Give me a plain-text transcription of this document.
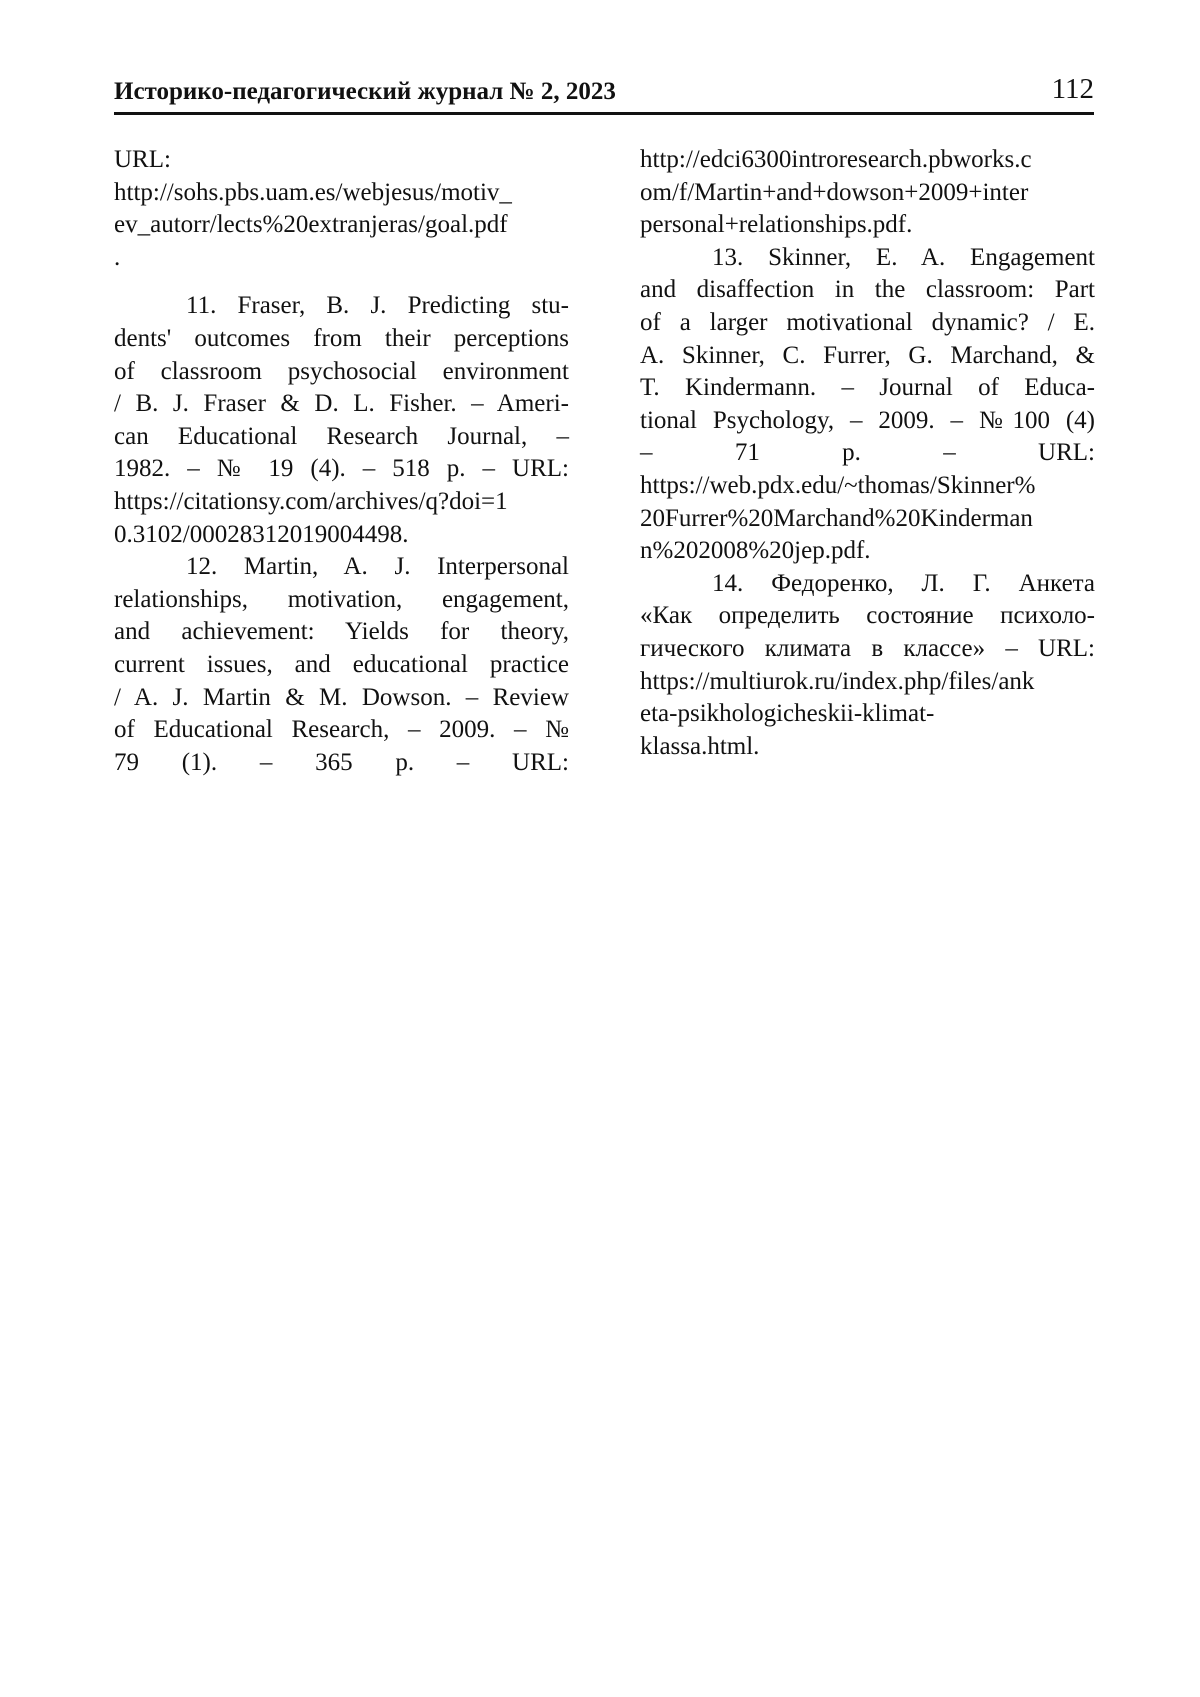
Историко-педагогический журнал № 2, 2023	112
URL:
http://sohs.pbs.uam.es/webjesus/motiv_
ev_autorr/lects%20extranjeras/goal.pdf
.
11. Fraser, B. J. Predicting stu-
dents' outcomes from their perceptions
of classroom psychosocial environment
/ B. J. Fraser & D. L. Fisher. – Ameri-
can Educational Research Journal, –
1982. – № 19 (4). – 518 p. – URL:
https://citationsy.com/archives/q?doi=1
0.3102/00028312019004498.
12. Martin, A. J. Interpersonal
relationships, motivation, engagement,
and achievement: Yields for theory,
current issues, and educational practice
/ A. J. Martin & M. Dowson. – Review
of Educational Research, – 2009. – №
79 (1). – 365 p. – URL:
http://edci6300introresearch.pbworks.c
om/f/Martin+and+dowson+2009+inter
personal+relationships.pdf.
13. Skinner, E. A. Engagement
and disaffection in the classroom: Part
of a larger motivational dynamic? / E.
A. Skinner, C. Furrer, G. Marchand, &
T. Kindermann. – Journal of Educa-
tional Psychology, – 2009. – №100 (4)
– 71 p. – URL:
https://web.pdx.edu/~thomas/Skinner%
20Furrer%20Marchand%20Kinderman
n%202008%20jep.pdf.
14. Федоренко, Л. Г. Анкета
«Как определить состояние психоло-
гического климата в классе» – URL:
https://multiurok.ru/index.php/files/ank
eta-psikhologicheskii-klimat-
klassa.html.
